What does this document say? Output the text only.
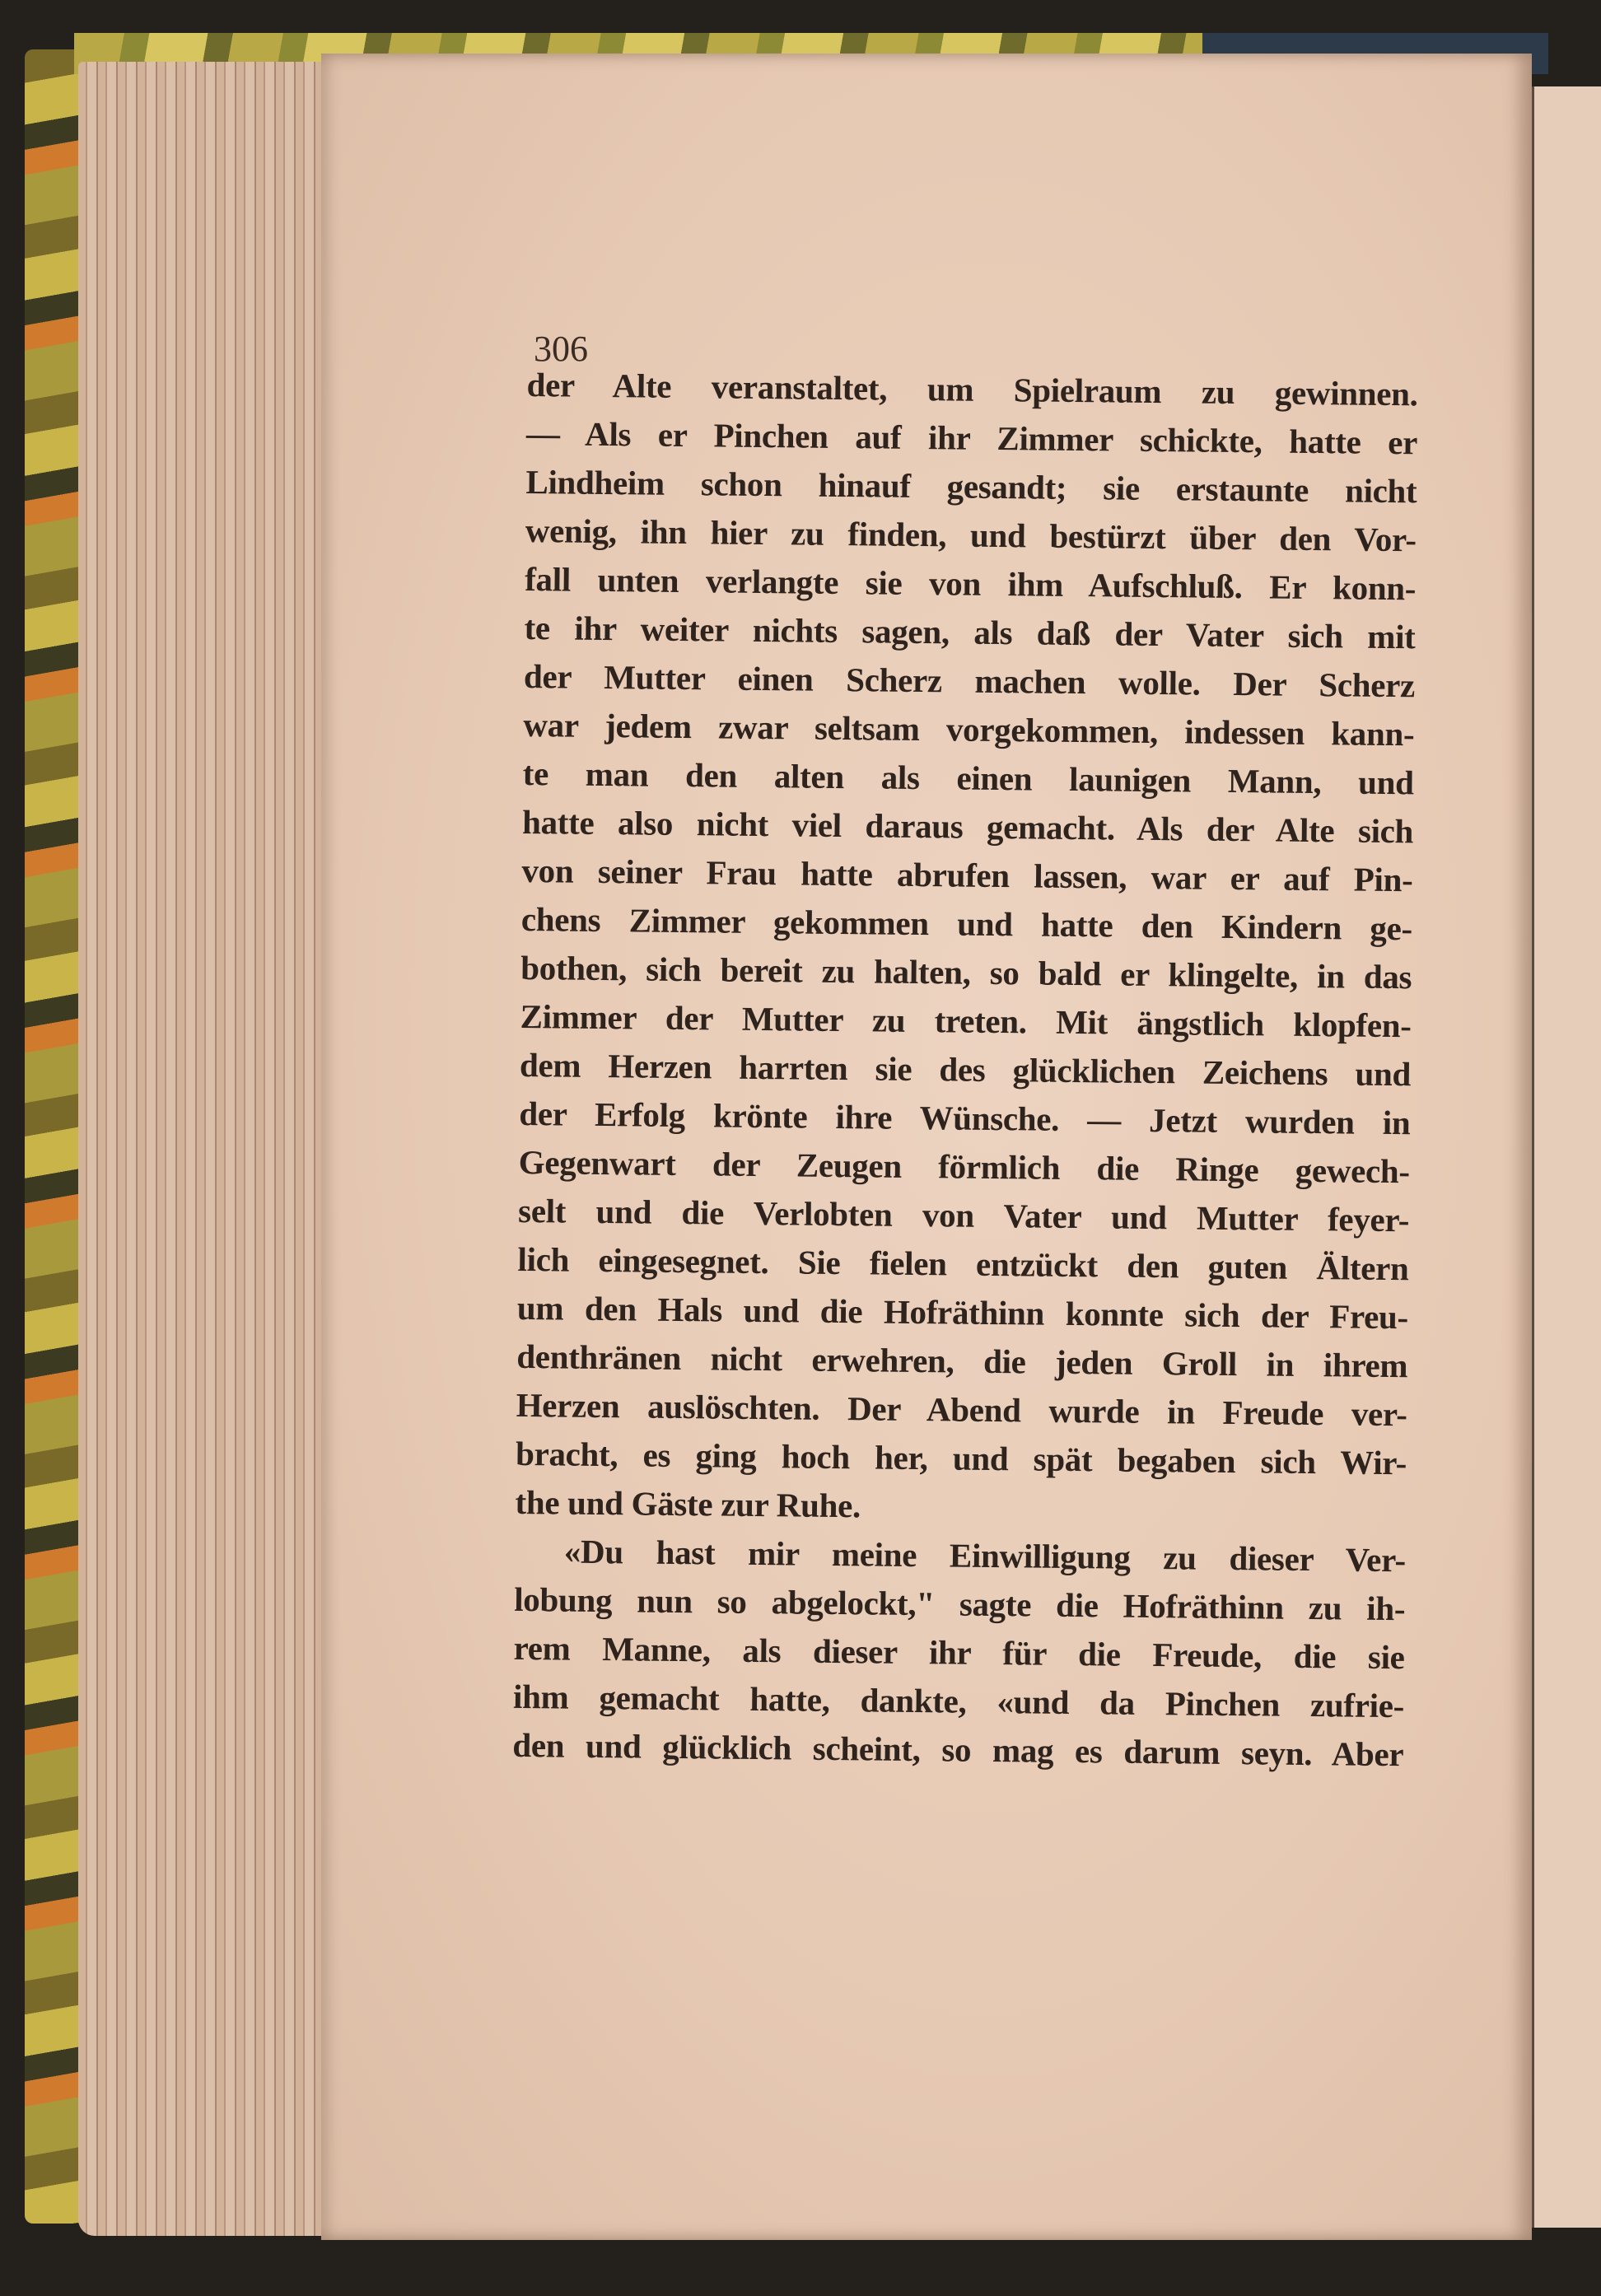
306
der Alte veranstaltet, um Spielraum zu gewinnen.
— Als er Pinchen auf ihr Zimmer schickte, hatte er
Lindheim schon hinauf gesandt; sie erstaunte nicht
wenig, ihn hier zu finden, und bestürzt über den Vor-
fall unten verlangte sie von ihm Aufschluß. Er konn-
te ihr weiter nichts sagen, als daß der Vater sich mit
der Mutter einen Scherz machen wolle. Der Scherz
war jedem zwar seltsam vorgekommen, indessen kann-
te man den alten als einen launigen Mann, und
hatte also nicht viel daraus gemacht. Als der Alte sich
von seiner Frau hatte abrufen lassen, war er auf Pin-
chens Zimmer gekommen und hatte den Kindern ge-
bothen, sich bereit zu halten, so bald er klingelte, in das
Zimmer der Mutter zu treten. Mit ängstlich klopfen-
dem Herzen harrten sie des glücklichen Zeichens und
der Erfolg krönte ihre Wünsche. — Jetzt wurden in
Gegenwart der Zeugen förmlich die Ringe gewech-
selt und die Verlobten von Vater und Mutter feyer-
lich eingesegnet. Sie fielen entzückt den guten Ältern
um den Hals und die Hofräthinn konnte sich der Freu-
denthränen nicht erwehren, die jeden Groll in ihrem
Herzen auslöschten. Der Abend wurde in Freude ver-
bracht, es ging hoch her, und spät begaben sich Wir-
the und Gäste zur Ruhe.
«Du hast mir meine Einwilligung zu dieser Ver-
lobung nun so abgelockt," sagte die Hofräthinn zu ih-
rem Manne, als dieser ihr für die Freude, die sie
ihm gemacht hatte, dankte, «und da Pinchen zufrie-
den und glücklich scheint, so mag es darum seyn. Aber
